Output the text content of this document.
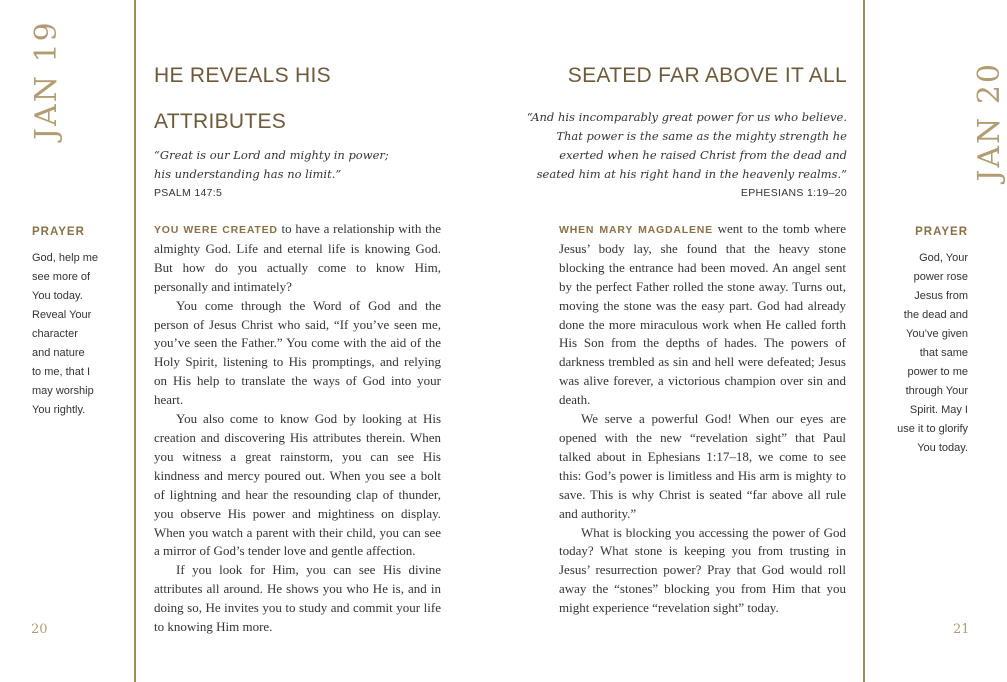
JAN 19
PRAYER
God, help me
see more of
You today.
Reveal Your
character
and nature
to me, that I
may worship
You rightly.
HE REVEALS HIS
ATTRIBUTES
“Great is our Lord and mighty in power;
his understanding has no limit.”
PSALM 147:5

YOU WERE CREATED to have a relationship with the almighty God. Life and eternal life is knowing God. But how do you actually come to know Him, personally and intimately?

You come through the Word of God and the person of Jesus Christ who said, “If you’ve seen me, you’ve seen the Father.” You come with the aid of the Holy Spirit, listening to His promptings, and relying on His help to translate the ways of God into your heart.

You also come to know God by looking at His creation and discovering His attributes therein. When you witness a great rainstorm, you can see His kindness and mercy poured out. When you see a bolt of lightning and hear the resounding clap of thunder, you observe His power and mightiness on display. When you watch a parent with their child, you can see a mirror of God’s tender love and gentle affection.

If you look for Him, you can see His divine attributes all around. He shows you who He is, and in doing so, He invites you to study and commit your life to knowing Him more.

20
JAN 20
PRAYER
God, Your
power rose
Jesus from
the dead and
You’ve given
that same
power to me
through Your
Spirit. May I
use it to glorify
You today.
SEATED FAR ABOVE IT ALL
“And his incomparably great power for us who believe.
That power is the same as the mighty strength he
exerted when he raised Christ from the dead and
seated him at his right hand in the heavenly realms.”
EPHESIANS 1:19–20

WHEN MARY MAGDALENE went to the tomb where Jesus’ body lay, she found that the heavy stone blocking the entrance had been moved. An angel sent by the perfect Father rolled the stone away. Turns out, moving the stone was the easy part. God had already done the more miraculous work when He called forth His Son from the depths of hades. The powers of darkness trembled as sin and hell were defeated; Jesus was alive forever, a victorious champion over sin and death.

We serve a powerful God! When our eyes are opened with the new “revelation sight” that Paul talked about in Ephesians 1:17–18, we come to see this: God’s power is limitless and His arm is mighty to save. This is why Christ is seated “far above all rule and authority.”

What is blocking you accessing the power of God today? What stone is keeping you from trusting in Jesus’ resurrection power? Pray that God would roll away the “stones” blocking you from Him that you might experience “revelation sight” today.

21
